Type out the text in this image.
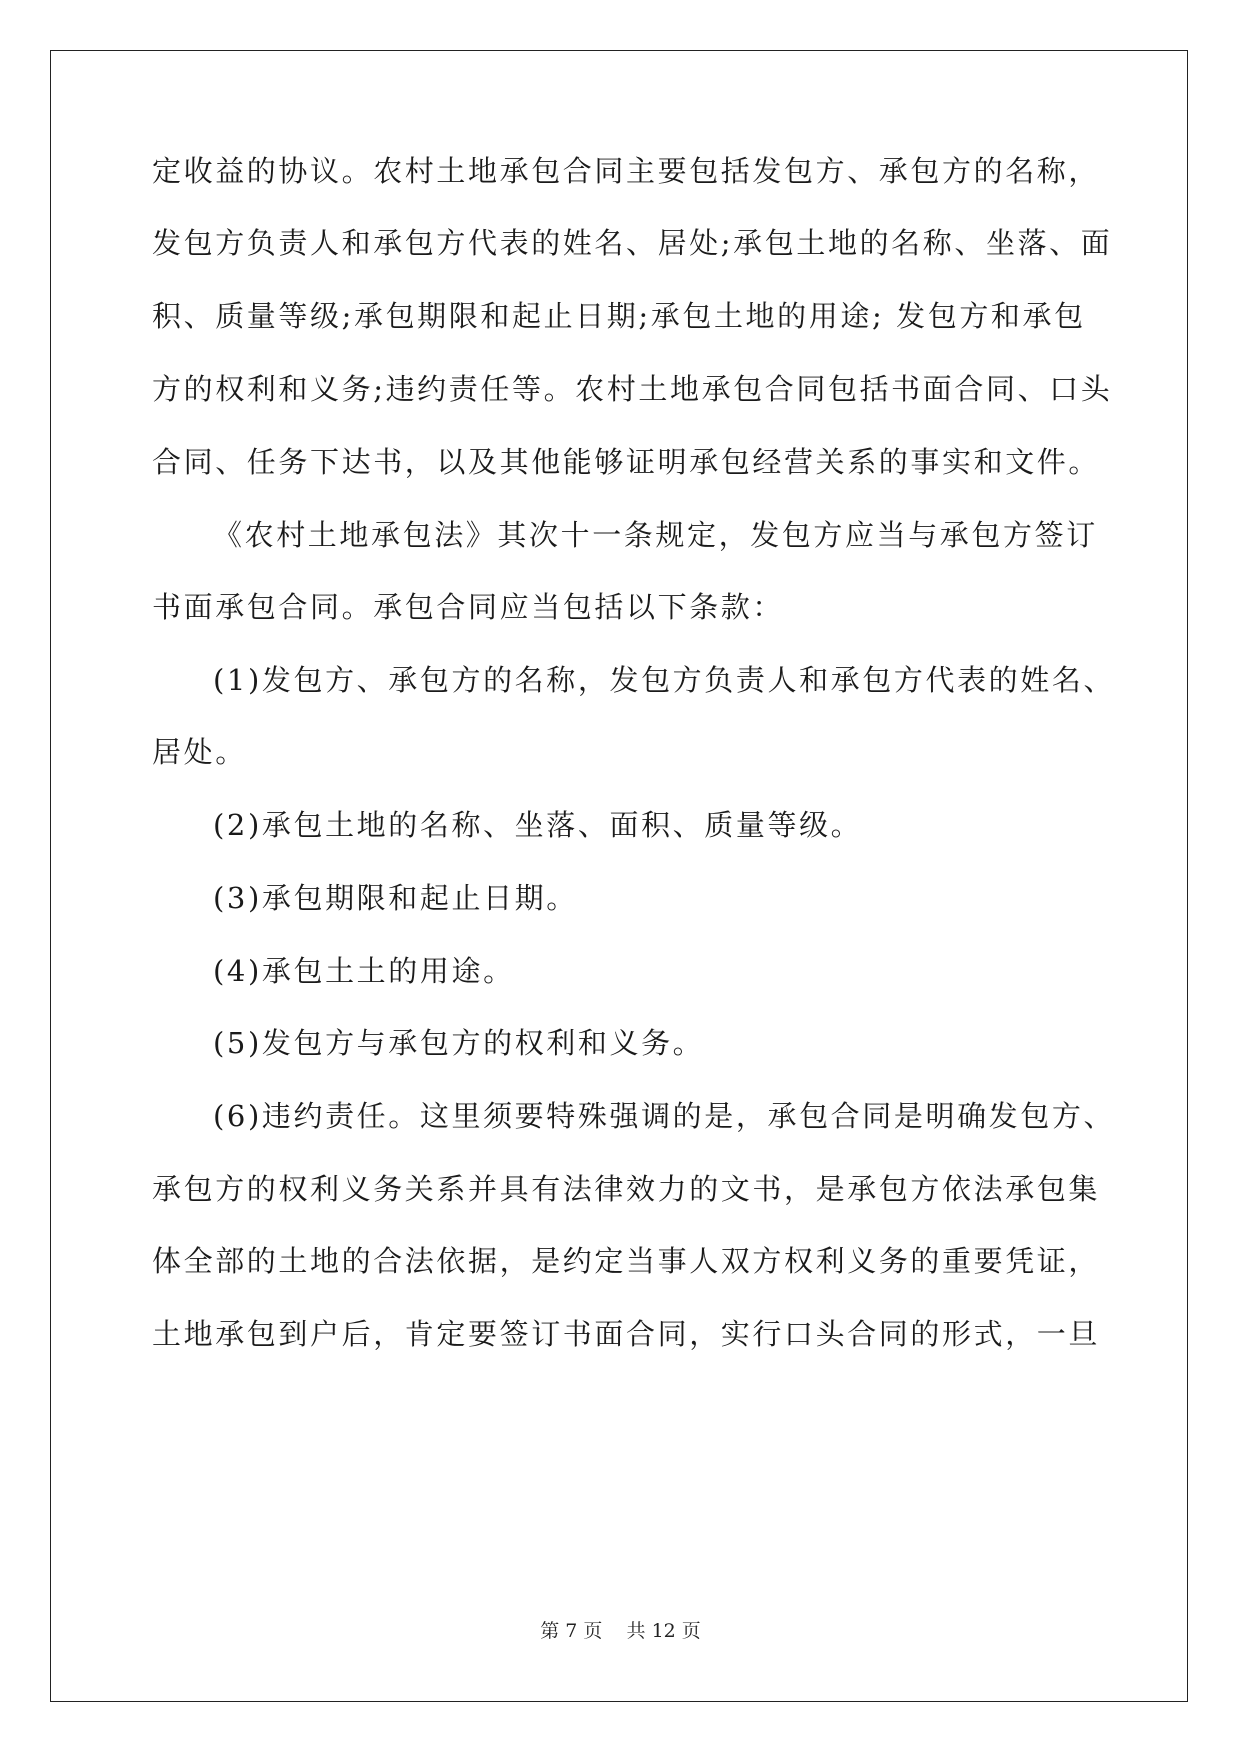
定收益的协议。农村土地承包合同主要包括发包方、承包方的名称，
发包方负责人和承包方代表的姓名、居处;承包土地的名称、坐落、面
积、质量等级;承包期限和起止日期;承包土地的用途; 发包方和承包
方的权利和义务;违约责任等。农村土地承包合同包括书面合同、口头
合同、任务下达书，以及其他能够证明承包经营关系的事实和文件。
《农村土地承包法》其次十一条规定，发包方应当与承包方签订
书面承包合同。承包合同应当包括以下条款：
(1)发包方、承包方的名称，发包方负责人和承包方代表的姓名、
居处。
(2)承包土地的名称、坐落、面积、质量等级。
(3)承包期限和起止日期。
(4)承包土土的用途。
(5)发包方与承包方的权利和义务。
(6)违约责任。这里须要特殊强调的是，承包合同是明确发包方、
承包方的权利义务关系并具有法律效力的文书，是承包方依法承包集
体全部的土地的合法依据，是约定当事人双方权利义务的重要凭证，
土地承包到户后，肯定要签订书面合同，实行口头合同的形式，一旦
第 7 页    共 12 页
